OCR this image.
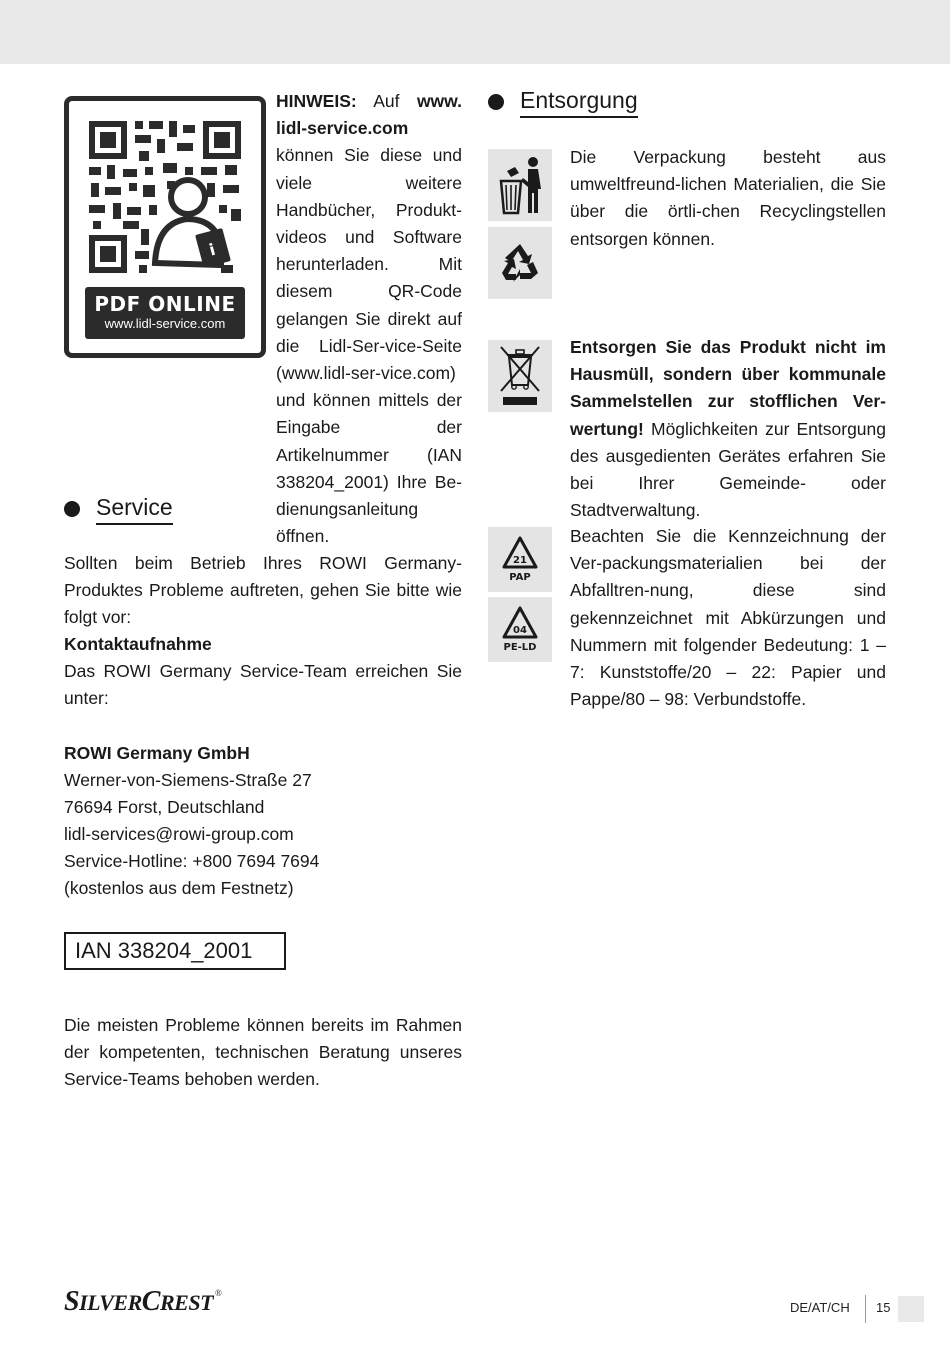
i
PDF ONLINE
www.lidl-service.com
HINWEIS: Auf www. lidl-service.com können Sie diese und viele weitere Handbücher, Produkt-videos und Software herunterladen. Mit diesem QR-Code gelangen Sie direkt auf die Lidl-Ser-vice-Seite (www.lidl-ser-vice.com) und können mittels der Eingabe der Artikelnummer (IAN 338204_2001) Ihre Be-dienungsanleitung öffnen.
Service
Sollten beim Betrieb Ihres ROWI Germany-Produktes Probleme auftreten, gehen Sie bitte wie folgt vor:
Kontaktaufnahme
Das ROWI Germany Service-Team erreichen Sie unter:
ROWI Germany GmbH
Werner-von-Siemens-Straße 27
76694 Forst, Deutschland
lidl-services@rowi-group.com
Service-Hotline: +800 7694 7694
(kostenlos aus dem Festnetz)
IAN 338204_2001
Die meisten Probleme können bereits im Rahmen der kompetenten, technischen Beratung unseres Service-Teams behoben werden.
Entsorgung
Die Verpackung besteht aus umweltfreund-lichen Materialien, die Sie über die örtli-chen Recyclingstellen entsorgen können.
Entsorgen Sie das Produkt nicht im Hausmüll, sondern über kommunale Sammelstellen zur stofflichen Ver-wertung! Möglichkeiten zur Entsorgung des ausgedienten Gerätes erfahren Sie bei Ihrer Gemeinde- oder Stadtverwaltung.
21
PAP
04
PE-LD
Beachten Sie die Kennzeichnung der Ver-packungsmaterialien bei der Abfalltren-nung, diese sind gekennzeichnet mit Abkürzungen und Nummern mit folgender Bedeutung: 1 – 7: Kunststoffe/20 – 22: Papier und Pappe/80 – 98: Verbundstoffe.
SILVERCREST ®
DE/AT/CH 15
